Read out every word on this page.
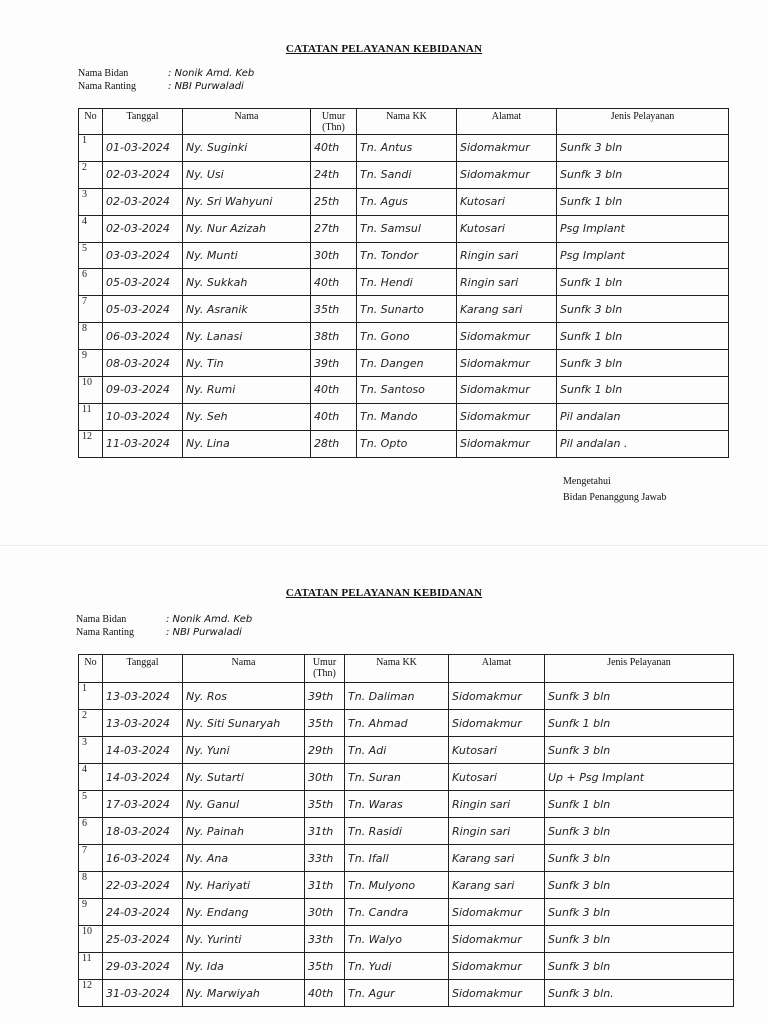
CATATAN PELAYANAN KEBIDANAN
Nama Bidan	: Nonik Amd. Keb
Nama Ranting	: NBI Purwaladi
No	Tanggal	Nama	Umur (Thn)	Nama KK	Alamat	Jenis Pelayanan
1	01-03-2024	Ny. Suginki	40th	Tn. Antus	Sidomakmur	Sunfk 3 bln
2	02-03-2024	Ny. Usi	24th	Tn. Sandi	Sidomakmur	Sunfk 3 bln
3	02-03-2024	Ny. Sri Wahyuni	25th	Tn. Agus	Kutosari	Sunfk 1 bln
4	02-03-2024	Ny. Nur Azizah	27th	Tn. Samsul	Kutosari	Psg Implant
5	03-03-2024	Ny. Munti	30th	Tn. Tondor	Ringin sari	Psg Implant
6	05-03-2024	Ny. Sukkah	40th	Tn. Hendi	Ringin sari	Sunfk 1 bln
7	05-03-2024	Ny. Asranik	35th	Tn. Sunarto	Karang sari	Sunfk 3 bln
8	06-03-2024	Ny. Lanasi	38th	Tn. Gono	Sidomakmur	Sunfk 1 bln
9	08-03-2024	Ny. Tin	39th	Tn. Dangen	Sidomakmur	Sunfk 3 bln
10	09-03-2024	Ny. Rumi	40th	Tn. Santoso	Sidomakmur	Sunfk 1 bln
11	10-03-2024	Ny. Seh	40th	Tn. Mando	Sidomakmur	Pil andalan
12	11-03-2024	Ny. Lina	28th	Tn. Opto	Sidomakmur	Pil andalan .
Mengetahui
Bidan Penanggung Jawab
CATATAN PELAYANAN KEBIDANAN
Nama Bidan	: Nonik Amd. Keb
Nama Ranting	: NBI Purwaladi
No	Tanggal	Nama	Umur (Thn)	Nama KK	Alamat	Jenis Pelayanan
1	13-03-2024	Ny. Ros	39th	Tn. Daliman	Sidomakmur	Sunfk 3 bln
2	13-03-2024	Ny. Siti Sunaryah	35th	Tn. Ahmad	Sidomakmur	Sunfk 1 bln
3	14-03-2024	Ny. Yuni	29th	Tn. Adi	Kutosari	Sunfk 3 bln
4	14-03-2024	Ny. Sutarti	30th	Tn. Suran	Kutosari	Up + Psg Implant
5	17-03-2024	Ny. Ganul	35th	Tn. Waras	Ringin sari	Sunfk 1 bln
6	18-03-2024	Ny. Painah	31th	Tn. Rasidi	Ringin sari	Sunfk 3 bln
7	16-03-2024	Ny. Ana	33th	Tn. Ifall	Karang sari	Sunfk 3 bln
8	22-03-2024	Ny. Hariyati	31th	Tn. Mulyono	Karang sari	Sunfk 3 bln
9	24-03-2024	Ny. Endang	30th	Tn. Candra	Sidomakmur	Sunfk 3 bln
10	25-03-2024	Ny. Yurinti	33th	Tn. Walyo	Sidomakmur	Sunfk 3 bln
11	29-03-2024	Ny. Ida	35th	Tn. Yudi	Sidomakmur	Sunfk 3 bln
12	31-03-2024	Ny. Marwiyah	40th	Tn. Agur	Sidomakmur	Sunfk 3 bln.
